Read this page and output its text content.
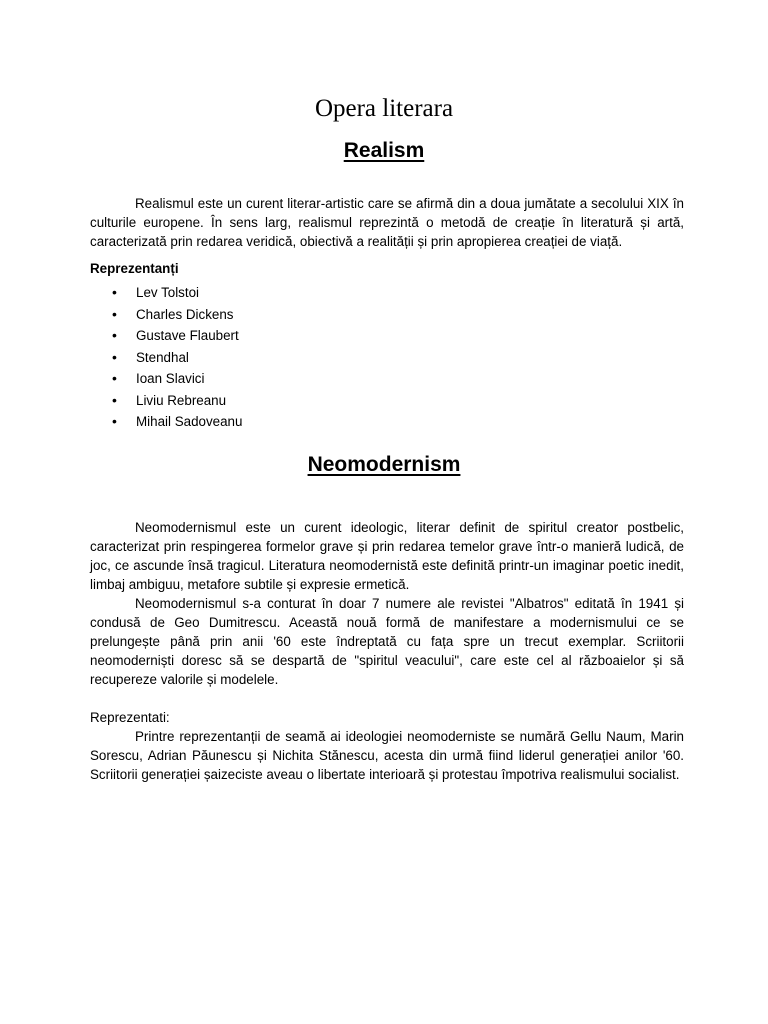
Opera literara
Realism

Realismul este un curent literar-artistic care se afirmă din a doua jumătate a secolului XIX în culturile europene. În sens larg, realismul reprezintă o metodă de creație în literatură și artă, caracterizată prin redarea veridică, obiectivă a realității și prin apropierea creației de viață.

Reprezentanți

• Lev Tolstoi
• Charles Dickens
• Gustave Flaubert
• Stendhal
• Ioan Slavici
• Liviu Rebreanu
• Mihail Sadoveanu
Neomodernism

Neomodernismul este un curent ideologic, literar definit de spiritul creator postbelic, caracterizat prin respingerea formelor grave și prin redarea temelor grave într-o manieră ludică, de joc, ce ascunde însă tragicul. Literatura neomodernistă este definită printr-un imaginar poetic inedit, limbaj ambiguu, metafore subtile și expresie ermetică.

Neomodernismul s-a conturat în doar 7 numere ale revistei "Albatros" editată în 1941 și condusă de Geo Dumitrescu. Această nouă formă de manifestare a modernismului ce se prelungește până prin anii '60 este îndreptată cu fața spre un trecut exemplar. Scriitorii neomoderniști doresc să se despartă de "spiritul veacului", care este cel al războaielor și să recupereze valorile și modelele.

Reprezentati:

Printre reprezentanții de seamă ai ideologiei neomoderniste se numără Gellu Naum, Marin Sorescu, Adrian Păunescu și Nichita Stănescu, acesta din urmă fiind liderul generației anilor '60. Scriitorii generației șaizeciste aveau o libertate interioară și protestau împotriva realismului socialist.
